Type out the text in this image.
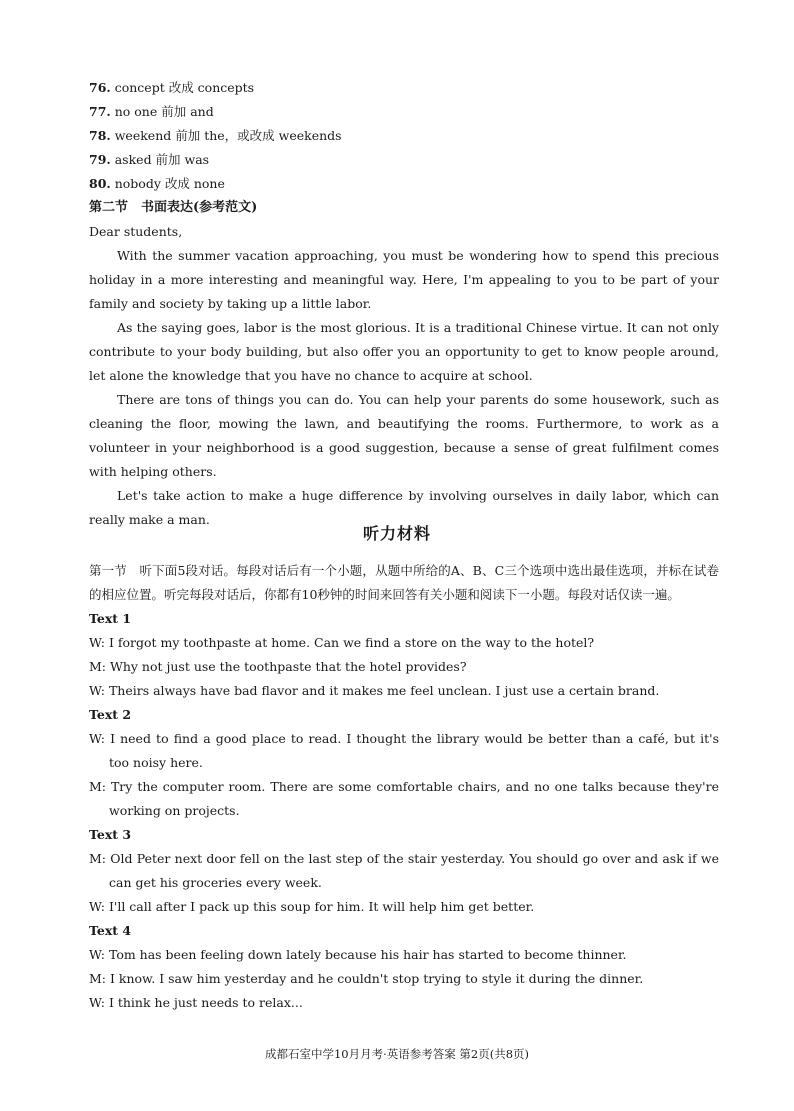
76. concept 改成 concepts
77. no one 前加 and
78. weekend 前加 the，或改成 weekends
79. asked 前加 was
80. nobody 改成 none
第二节　书面表达(参考范文)
Dear students,

With the summer vacation approaching, you must be wondering how to spend this precious holiday in a more interesting and meaningful way. Here, I'm appealing to you to be part of your family and society by taking up a little labor.

As the saying goes, labor is the most glorious. It is a traditional Chinese virtue. It can not only contribute to your body building, but also offer you an opportunity to get to know people around, let alone the knowledge that you have no chance to acquire at school.

There are tons of things you can do. You can help your parents do some housework, such as cleaning the floor, mowing the lawn, and beautifying the rooms. Furthermore, to work as a volunteer in your neighborhood is a good suggestion, because a sense of great fulfilment comes with helping others.

Let's take action to make a huge difference by involving ourselves in daily labor, which can really make a man.

听力材料

第一节　听下面5段对话。每段对话后有一个小题，从题中所给的A、B、C三个选项中选出最佳选项，并标在试卷的相应位置。听完每段对话后，你都有10秒钟的时间来回答有关小题和阅读下一小题。每段对话仅读一遍。

Text 1

W: I forgot my toothpaste at home. Can we find a store on the way to the hotel?

M: Why not just use the toothpaste that the hotel provides?

W: Theirs always have bad flavor and it makes me feel unclean. I just use a certain brand.

Text 2

W: I need to find a good place to read. I thought the library would be better than a café, but it's too noisy here.

M: Try the computer room. There are some comfortable chairs, and no one talks because they're working on projects.

Text 3

M: Old Peter next door fell on the last step of the stair yesterday. You should go over and ask if we can get his groceries every week.

W: I'll call after I pack up this soup for him. It will help him get better.

Text 4

W: Tom has been feeling down lately because his hair has started to become thinner.

M: I know. I saw him yesterday and he couldn't stop trying to style it during the dinner.

W: I think he just needs to relax...

成都石室中学10月月考·英语参考答案 第2页(共8页)
